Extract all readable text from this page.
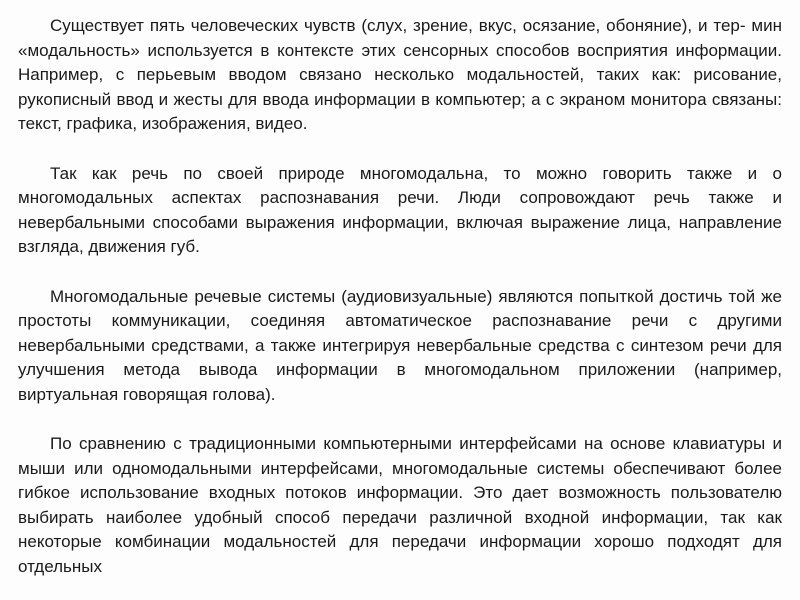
Существует пять человеческих чувств (слух, зрение, вкус, осязание, обоняние), и тер- мин «модальность» используется в контексте этих сенсорных способов восприятия информации. Например, с перьевым вводом связано несколько модальностей, таких как: рисование, рукописный ввод и жесты для ввода информации в компьютер; а с экраном монитора связаны: текст, графика, изображения, видео.

Так как речь по своей природе многомодальна, то можно говорить также и о многомодальных аспектах распознавания речи. Люди сопровождают речь также и невербальными способами выражения информации, включая выражение лица, направление взгляда, движения губ.

Многомодальные речевые системы (аудиовизуальные) являются попыткой достичь той же простоты коммуникации, соединяя автоматическое распознавание речи с другими невербальными средствами, а также интегрируя невербальные средства с синтезом речи для улучшения метода вывода информации в многомодальном приложении (например, виртуальная говорящая голова).

По сравнению с традиционными компьютерными интерфейсами на основе клавиатуры и мыши или одномодальными интерфейсами, многомодальные системы обеспечивают более гибкое использование входных потоков информации. Это дает возможность пользователю выбирать наиболее удобный способ передачи различной входной информации, так как некоторые комбинации модальностей для передачи информации хорошо подходят для отдельных
